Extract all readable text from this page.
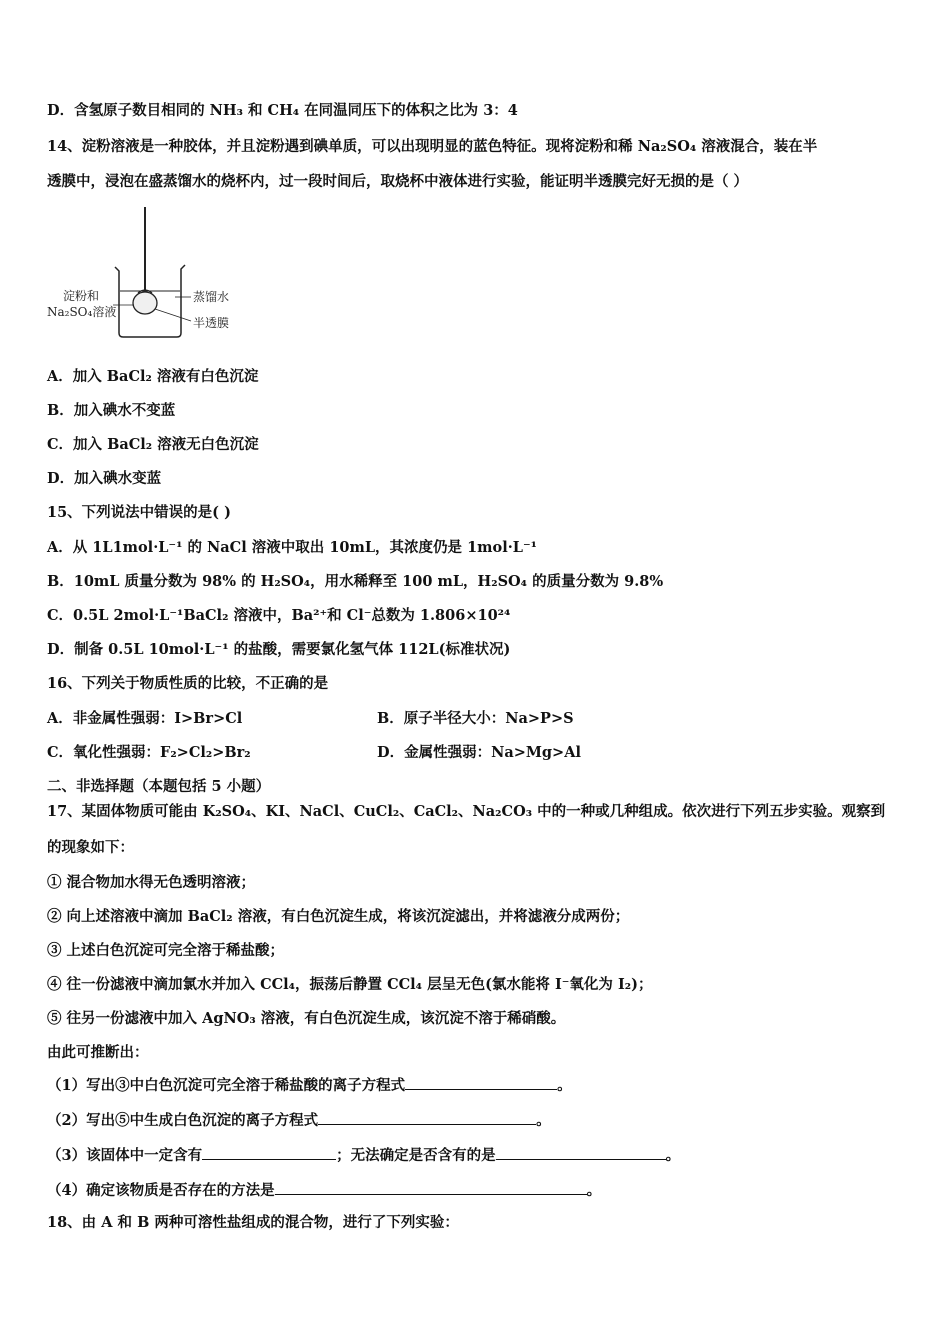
D．含氢原子数目相同的 NH₃ 和 CH₄ 在同温同压下的体积之比为 3：4
14、淀粉溶液是一种胶体，并且淀粉遇到碘单质，可以出现明显的蓝色特征。现将淀粉和稀 Na₂SO₄ 溶液混合，装在半
透膜中，浸泡在盛蒸馏水的烧杯内，过一段时间后，取烧杯中液体进行实验，能证明半透膜完好无损的是（ ）
淀粉和
Na₂SO₄溶液
蒸馏水
半透膜
A．加入 BaCl₂ 溶液有白色沉淀
B．加入碘水不变蓝
C．加入 BaCl₂ 溶液无白色沉淀
D．加入碘水变蓝
15、下列说法中错误的是( )
A．从 1L1mol·L⁻¹ 的 NaCl 溶液中取出 10mL，其浓度仍是 1mol·L⁻¹
B．10mL 质量分数为 98% 的 H₂SO₄，用水稀释至 100 mL，H₂SO₄ 的质量分数为 9.8%
C．0.5L 2mol·L⁻¹BaCl₂ 溶液中，Ba²⁺和 Cl⁻总数为 1.806×10²⁴
D．制备 0.5L 10mol·L⁻¹ 的盐酸，需要氯化氢气体 112L(标准状况)
16、下列关于物质性质的比较，不正确的是
A．非金属性强弱：I>Br>Cl	B．原子半径大小：Na>P>S
C．氧化性强弱：F₂>Cl₂>Br₂	D．金属性强弱：Na>Mg>Al
二、非选择题（本题包括 5 小题）
17、某固体物质可能由 K₂SO₄、KI、NaCl、CuCl₂、CaCl₂、Na₂CO₃ 中的一种或几种组成。依次进行下列五步实验。观察到
的现象如下：
① 混合物加水得无色透明溶液；
② 向上述溶液中滴加 BaCl₂ 溶液，有白色沉淀生成，将该沉淀滤出，并将滤液分成两份；
③ 上述白色沉淀可完全溶于稀盐酸；
④ 往一份滤液中滴加氯水并加入 CCl₄，振荡后静置 CCl₄ 层呈无色(氯水能将 I⁻氧化为 I₂)；
⑤ 往另一份滤液中加入 AgNO₃ 溶液，有白色沉淀生成，该沉淀不溶于稀硝酸。
由此可推断出：
（1）写出③中白色沉淀可完全溶于稀盐酸的离子方程式	。
（2）写出⑤中生成白色沉淀的离子方程式	。
（3）该固体中一定含有	；无法确定是否含有的是	。
（4）确定该物质是否存在的方法是	。
18、由 A 和 B 两种可溶性盐组成的混合物，进行了下列实验：
